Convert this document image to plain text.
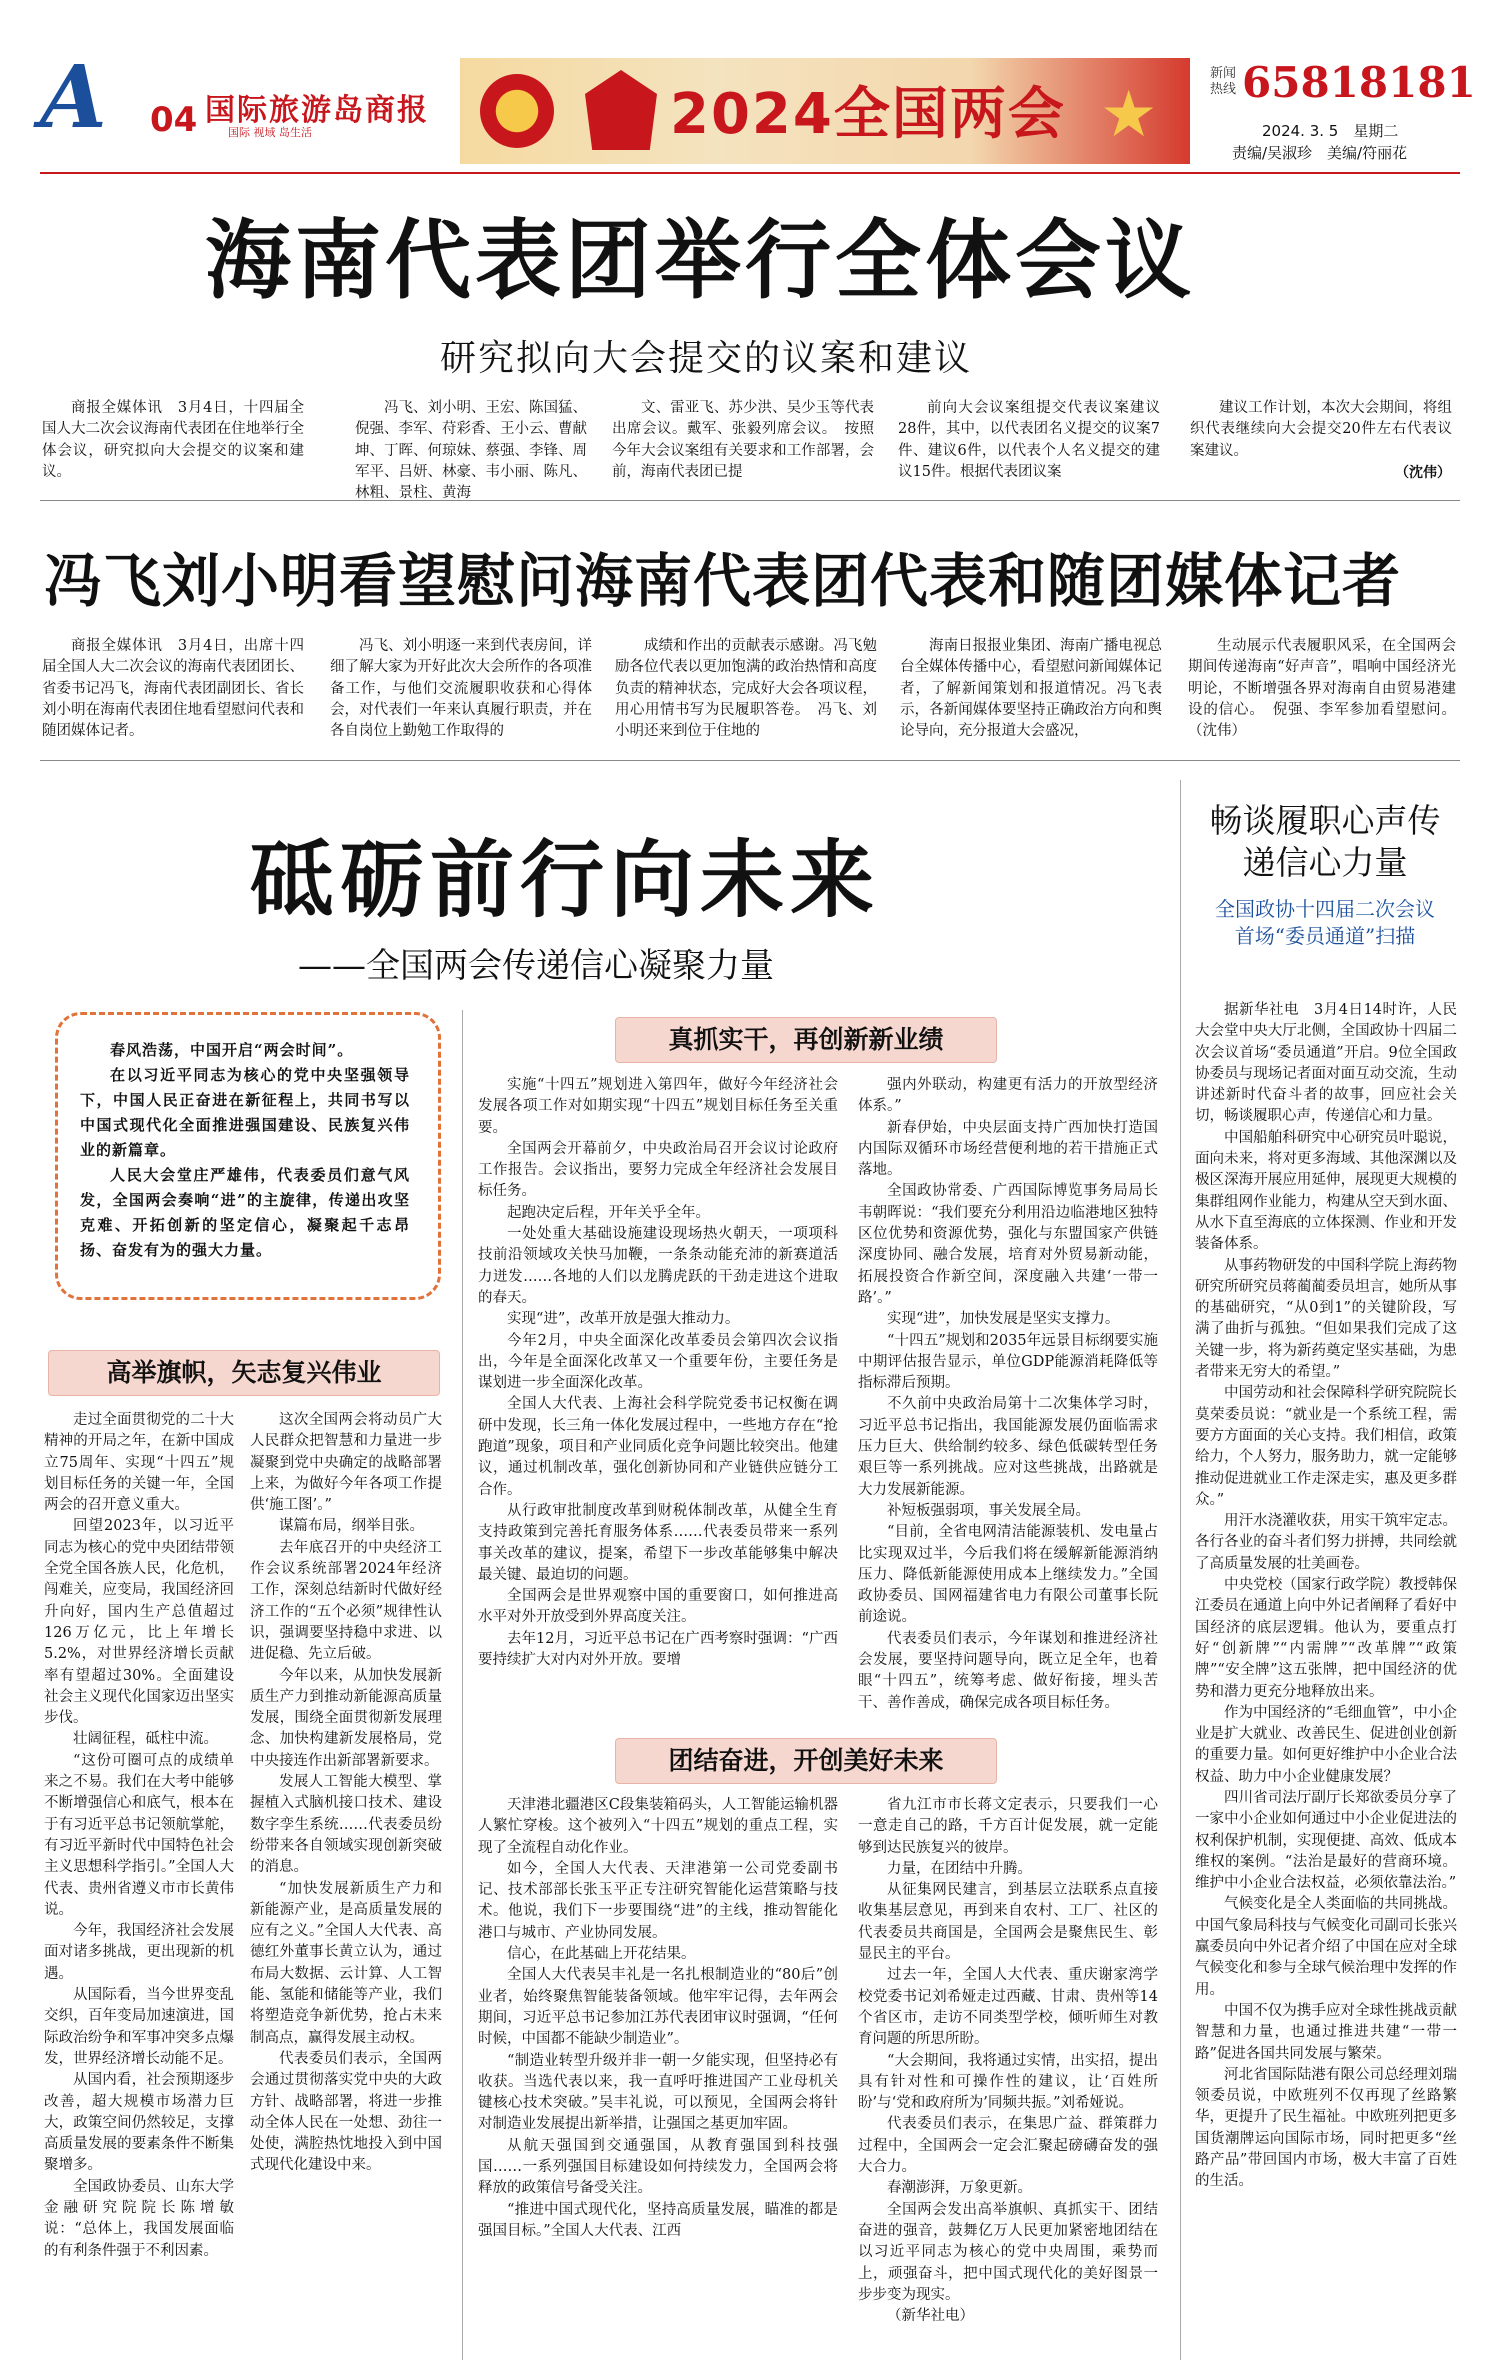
A 04 国际旅游岛商报
国际 视域 岛生活	2024全国两会 ★
新闻热线 65818181
2024. 3. 5　星期二
责编/吴淑珍　美编/符丽花
海南代表团举行全体会议
研究拟向大会提交的议案和建议

商报全媒体讯　3月4日，十四届全国人大二次会议海南代表团在住地举行全体会议，研究拟向大会提交的议案和建议。

冯飞、刘小明、王宏、陈国猛、倪强、李军、苻彩香、王小云、曹献坤、丁晖、何琼妹、蔡强、李锋、周军平、吕妍、林豪、韦小丽、陈凡、林粗、景柱、黄海

文、雷亚飞、苏少洪、吴少玉等代表出席会议。戴军、张毅列席会议。　按照今年大会议案组有关要求和工作部署，会前，海南代表团已提

前向大会议案组提交代表议案建议28件，其中，以代表团名义提交的议案7件、建议6件，以代表个人名义提交的建议15件。根据代表团议案

建议工作计划，本次大会期间，将组织代表继续向大会提交20件左右代表议案建议。

（沈伟）
冯飞刘小明看望慰问海南代表团代表和随团媒体记者

商报全媒体讯　3月4日，出席十四届全国人大二次会议的海南代表团团长、省委书记冯飞，海南代表团副团长、省长刘小明在海南代表团住地看望慰问代表和随团媒体记者。

冯飞、刘小明逐一来到代表房间，详细了解大家为开好此次大会所作的各项准备工作，与他们交流履职收获和心得体会，对代表们一年来认真履行职责，并在各自岗位上勤勉工作取得的

成绩和作出的贡献表示感谢。冯飞勉励各位代表以更加饱满的政治热情和高度负责的精神状态，完成好大会各项议程，用心用情书写为民履职答卷。　冯飞、刘小明还来到位于住地的

海南日报报业集团、海南广播电视总台全媒体传播中心，看望慰问新闻媒体记者，了解新闻策划和报道情况。冯飞表示，各新闻媒体要坚持正确政治方向和舆论导向，充分报道大会盛况，

生动展示代表履职风采，在全国两会期间传递海南“好声音”，唱响中国经济光明论，不断增强各界对海南自由贸易港建设的信心。　倪强、李军参加看望慰问。（沈伟）

砥砺前行向未来
——全国两会传递信心凝聚力量

春风浩荡，中国开启“两会时间”。

在以习近平同志为核心的党中央坚强领导下，中国人民正奋进在新征程上，共同书写以中国式现代化全面推进强国建设、民族复兴伟业的新篇章。

人民大会堂庄严雄伟，代表委员们意气风发，全国两会奏响“进”的主旋律，传递出攻坚克难、开拓创新的坚定信心，凝聚起千志昂扬、奋发有为的强大力量。

高举旗帜，矢志复兴伟业
真抓实干，再创新新业绩
团结奋进，开创美好未来

走过全面贯彻党的二十大精神的开局之年，在新中国成立75周年、实现“十四五”规划目标任务的关键一年，全国两会的召开意义重大。

回望2023年，以习近平同志为核心的党中央团结带领全党全国各族人民，化危机，闯难关，应变局，我国经济回升向好，国内生产总值超过126万亿元，比上年增长5.2%，对世界经济增长贡献率有望超过30%。全面建设社会主义现代化国家迈出坚实步伐。

壮阔征程，砥柱中流。

“这份可圈可点的成绩单来之不易。我们在大考中能够不断增强信心和底气，根本在于有习近平总书记领航掌舵，有习近平新时代中国特色社会主义思想科学指引。”全国人大代表、贵州省遵义市市长黄伟说。

今年，我国经济社会发展面对诸多挑战，更出现新的机遇。

从国际看，当今世界变乱交织，百年变局加速演进，国际政治纷争和军事冲突多点爆发，世界经济增长动能不足。

从国内看，社会预期逐步改善，超大规模市场潜力巨大，政策空间仍然较足，支撑高质量发展的要素条件不断集聚增多。

全国政协委员、山东大学金融研究院院长陈增敏说：“总体上，我国发展面临的有利条件强于不利因素。

这次全国两会将动员广大人民群众把智慧和力量进一步凝聚到党中央确定的战略部署上来，为做好今年各项工作提供‘施工图’。”

谋篇布局，纲举目张。

去年底召开的中央经济工作会议系统部署2024年经济工作，深刻总结新时代做好经济工作的“五个必须”规律性认识，强调要坚持稳中求进、以进促稳、先立后破。

今年以来，从加快发展新质生产力到推动新能源高质量发展，围绕全面贯彻新发展理念、加快构建新发展格局，党中央接连作出新部署新要求。

发展人工智能大模型、掌握植入式脑机接口技术、建设数字孪生系统……代表委员纷纷带来各自领域实现创新突破的消息。

“加快发展新质生产力和新能源产业，是高质量发展的应有之义。”全国人大代表、高德红外董事长黄立认为，通过布局大数据、云计算、人工智能、氢能和储能等产业，我们将塑造竞争新优势，抢占未来制高点，赢得发展主动权。

代表委员们表示，全国两会通过贯彻落实党中央的大政方针、战略部署，将进一步推动全体人民在一处想、劲往一处使，满腔热忱地投入到中国式现代化建设中来。

实施“十四五”规划进入第四年，做好今年经济社会发展各项工作对如期实现“十四五”规划目标任务至关重要。

全国两会开幕前夕，中央政治局召开会议讨论政府工作报告。会议指出，要努力完成全年经济社会发展目标任务。

起跑决定后程，开年关乎全年。

一处处重大基础设施建设现场热火朝天，一项项科技前沿领域攻关快马加鞭，一条条动能充沛的新赛道活力迸发……各地的人们以龙腾虎跃的干劲走进这个进取的春天。

实现“进”，改革开放是强大推动力。

今年2月，中央全面深化改革委员会第四次会议指出，今年是全面深化改革又一个重要年份，主要任务是谋划进一步全面深化改革。

全国人大代表、上海社会科学院党委书记权衡在调研中发现，长三角一体化发展过程中，一些地方存在“抢跑道”现象，项目和产业同质化竞争问题比较突出。他建议，通过机制改革，强化创新协同和产业链供应链分工合作。

从行政审批制度改革到财税体制改革，从健全生育支持政策到完善托育服务体系……代表委员带来一系列事关改革的建议，提案，希望下一步改革能够集中解决最关键、最迫切的问题。

全国两会是世界观察中国的重要窗口，如何推进高水平对外开放受到外界高度关注。

去年12月，习近平总书记在广西考察时强调：“广西要持续扩大对内对外开放。要增

强内外联动，构建更有活力的开放型经济体系。”

新春伊始，中央层面支持广西加快打造国内国际双循环市场经营便利地的若干措施正式落地。

全国政协常委、广西国际博览事务局局长韦朝晖说：“我们要充分利用沿边临港地区独特区位优势和资源优势，强化与东盟国家产供链深度协同、融合发展，培育对外贸易新动能，拓展投资合作新空间，深度融入共建‘一带一路’。”

实现“进”，加快发展是坚实支撑力。

“十四五”规划和2035年远景目标纲要实施中期评估报告显示，单位GDP能源消耗降低等指标滞后预期。

不久前中央政治局第十二次集体学习时，习近平总书记指出，我国能源发展仍面临需求压力巨大、供给制约较多、绿色低碳转型任务艰巨等一系列挑战。应对这些挑战，出路就是大力发展新能源。

补短板强弱项，事关发展全局。

“目前，全省电网清洁能源装机、发电量占比实现双过半，今后我们将在缓解新能源消纳压力、降低新能源使用成本上继续发力。”全国政协委员、国网福建省电力有限公司董事长阮前途说。

代表委员们表示，今年谋划和推进经济社会发展，要坚持问题导向，既立足全年，也着眼“十四五”，统筹考虑、做好衔接，埋头苦干、善作善成，确保完成各项目标任务。

天津港北疆港区C段集装箱码头，人工智能运输机器人繁忙穿梭。这个被列入“十四五”规划的重点工程，实现了全流程自动化作业。

如今，全国人大代表、天津港第一公司党委副书记、技术部部长张玉平正专注研究智能化运营策略与技术。他说，我们下一步要围绕“进”的主线，推动智能化港口与城市、产业协同发展。

信心，在此基础上开花结果。

全国人大代表吴丰礼是一名扎根制造业的“80后”创业者，始终聚焦智能装备领域。他牢牢记得，去年两会期间，习近平总书记参加江苏代表团审议时强调，“任何时候，中国都不能缺少制造业”。

“制造业转型升级并非一朝一夕能实现，但坚持必有收获。当选代表以来，我一直呼吁推进国产工业母机关键核心技术突破。”吴丰礼说，可以预见，全国两会将针对制造业发展提出新举措，让强国之基更加牢固。

从航天强国到交通强国，从教育强国到科技强国……一系列强国目标建设如何持续发力，全国两会将释放的政策信号备受关注。

“推进中国式现代化，坚持高质量发展，瞄准的都是强国目标。”全国人大代表、江西

省九江市市长蒋文定表示，只要我们一心一意走自己的路，千方百计促发展，就一定能够到达民族复兴的彼岸。

力量，在团结中升腾。

从征集网民建言，到基层立法联系点直接收集基层意见，再到来自农村、工厂、社区的代表委员共商国是，全国两会是聚焦民生、彰显民主的平台。

过去一年，全国人大代表、重庆谢家湾学校党委书记刘希娅走过西藏、甘肃、贵州等14个省区市，走访不同类型学校，倾听师生对教育问题的所思所盼。

“大会期间，我将通过实情，出实招，提出具有针对性和可操作性的建议，让‘百姓所盼’与‘党和政府所为’同频共振。”刘希娅说。

代表委员们表示，在集思广益、群策群力过程中，全国两会一定会汇聚起磅礴奋发的强大合力。

春潮澎湃，万象更新。

全国两会发出高举旗帜、真抓实干、团结奋进的强音，鼓舞亿万人民更加紧密地团结在以习近平同志为核心的党中央周围，乘势而上，顽强奋斗，把中国式现代化的美好图景一步步变为现实。

（新华社电）

畅谈履职心声传递信心力量
全国政协十四届二次会议首场“委员通道”扫描

据新华社电　3月4日14时许，人民大会堂中央大厅北侧，全国政协十四届二次会议首场“委员通道”开启。9位全国政协委员与现场记者面对面互动交流，生动讲述新时代奋斗者的故事，回应社会关切，畅谈履职心声，传递信心和力量。

中国船舶科研究中心研究员叶聪说，面向未来，将对更多海域、其他深渊以及极区深海开展应用延伸，展现更大规模的集群组网作业能力，构建从空天到水面、从水下直至海底的立体探测、作业和开发装备体系。

从事药物研发的中国科学院上海药物研究所研究员蒋蔺蔺委员坦言，她所从事的基础研究，“从0到1”的关键阶段，写满了曲折与孤独。“但如果我们完成了这关键一步，将为新药奠定坚实基础，为患者带来无穷大的希望。”

中国劳动和社会保障科学研究院院长莫荣委员说：“就业是一个系统工程，需要方方面面的关心支持。我们相信，政策给力，个人努力，服务助力，就一定能够推动促进就业工作走深走实，惠及更多群众。”

用汗水浇灌收获，用实干筑牢定志。各行各业的奋斗者们努力拼搏，共同绘就了高质量发展的壮美画卷。

中央党校（国家行政学院）教授韩保江委员在通道上向中外记者阐释了看好中国经济的底层逻辑。他认为，要重点打好“创新牌”“内需牌”“改革牌”“政策牌”“安全牌”这五张牌，把中国经济的优势和潜力更充分地释放出来。

作为中国经济的“毛细血管”，中小企业是扩大就业、改善民生、促进创业创新的重要力量。如何更好维护中小企业合法权益、助力中小企业健康发展？

四川省司法厅副厅长郑欲委员分享了一家中小企业如何通过中小企业促进法的权利保护机制，实现便捷、高效、低成本维权的案例。“法治是最好的营商环境。维护中小企业合法权益，必须依靠法治。”

气候变化是全人类面临的共同挑战。中国气象局科技与气候变化司副司长张兴赢委员向中外记者介绍了中国在应对全球气候变化和参与全球气候治理中发挥的作用。

中国不仅为携手应对全球性挑战贡献智慧和力量，也通过推进共建“一带一路”促进各国共同发展与繁荣。

河北省国际陆港有限公司总经理刘瑞领委员说，中欧班列不仅再现了丝路繁华，更提升了民生福祉。中欧班列把更多国货潮牌运向国际市场，同时把更多“丝路产品”带回国内市场，极大丰富了百姓的生活。
